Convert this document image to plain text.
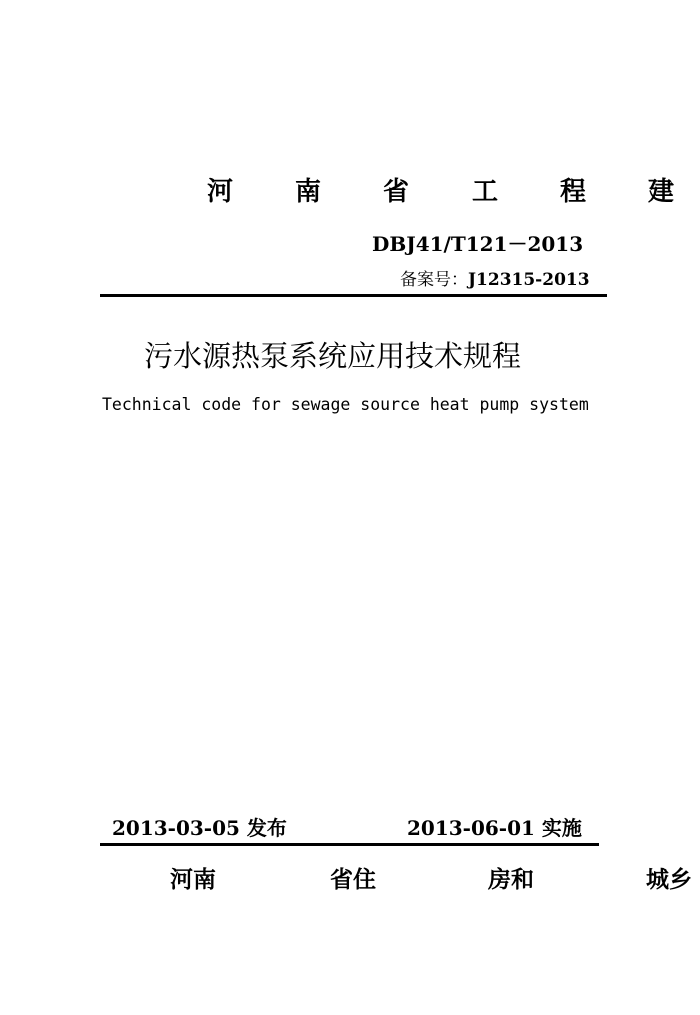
河 南 省 工 程 建
DBJ41/T121－2013
备案号：J12315-2013
污水源热泵系统应用技术规程
Technical code for sewage source heat pump system
2013-03-05 发布	2013-06-01 实施
河南	省住	房和	城乡
